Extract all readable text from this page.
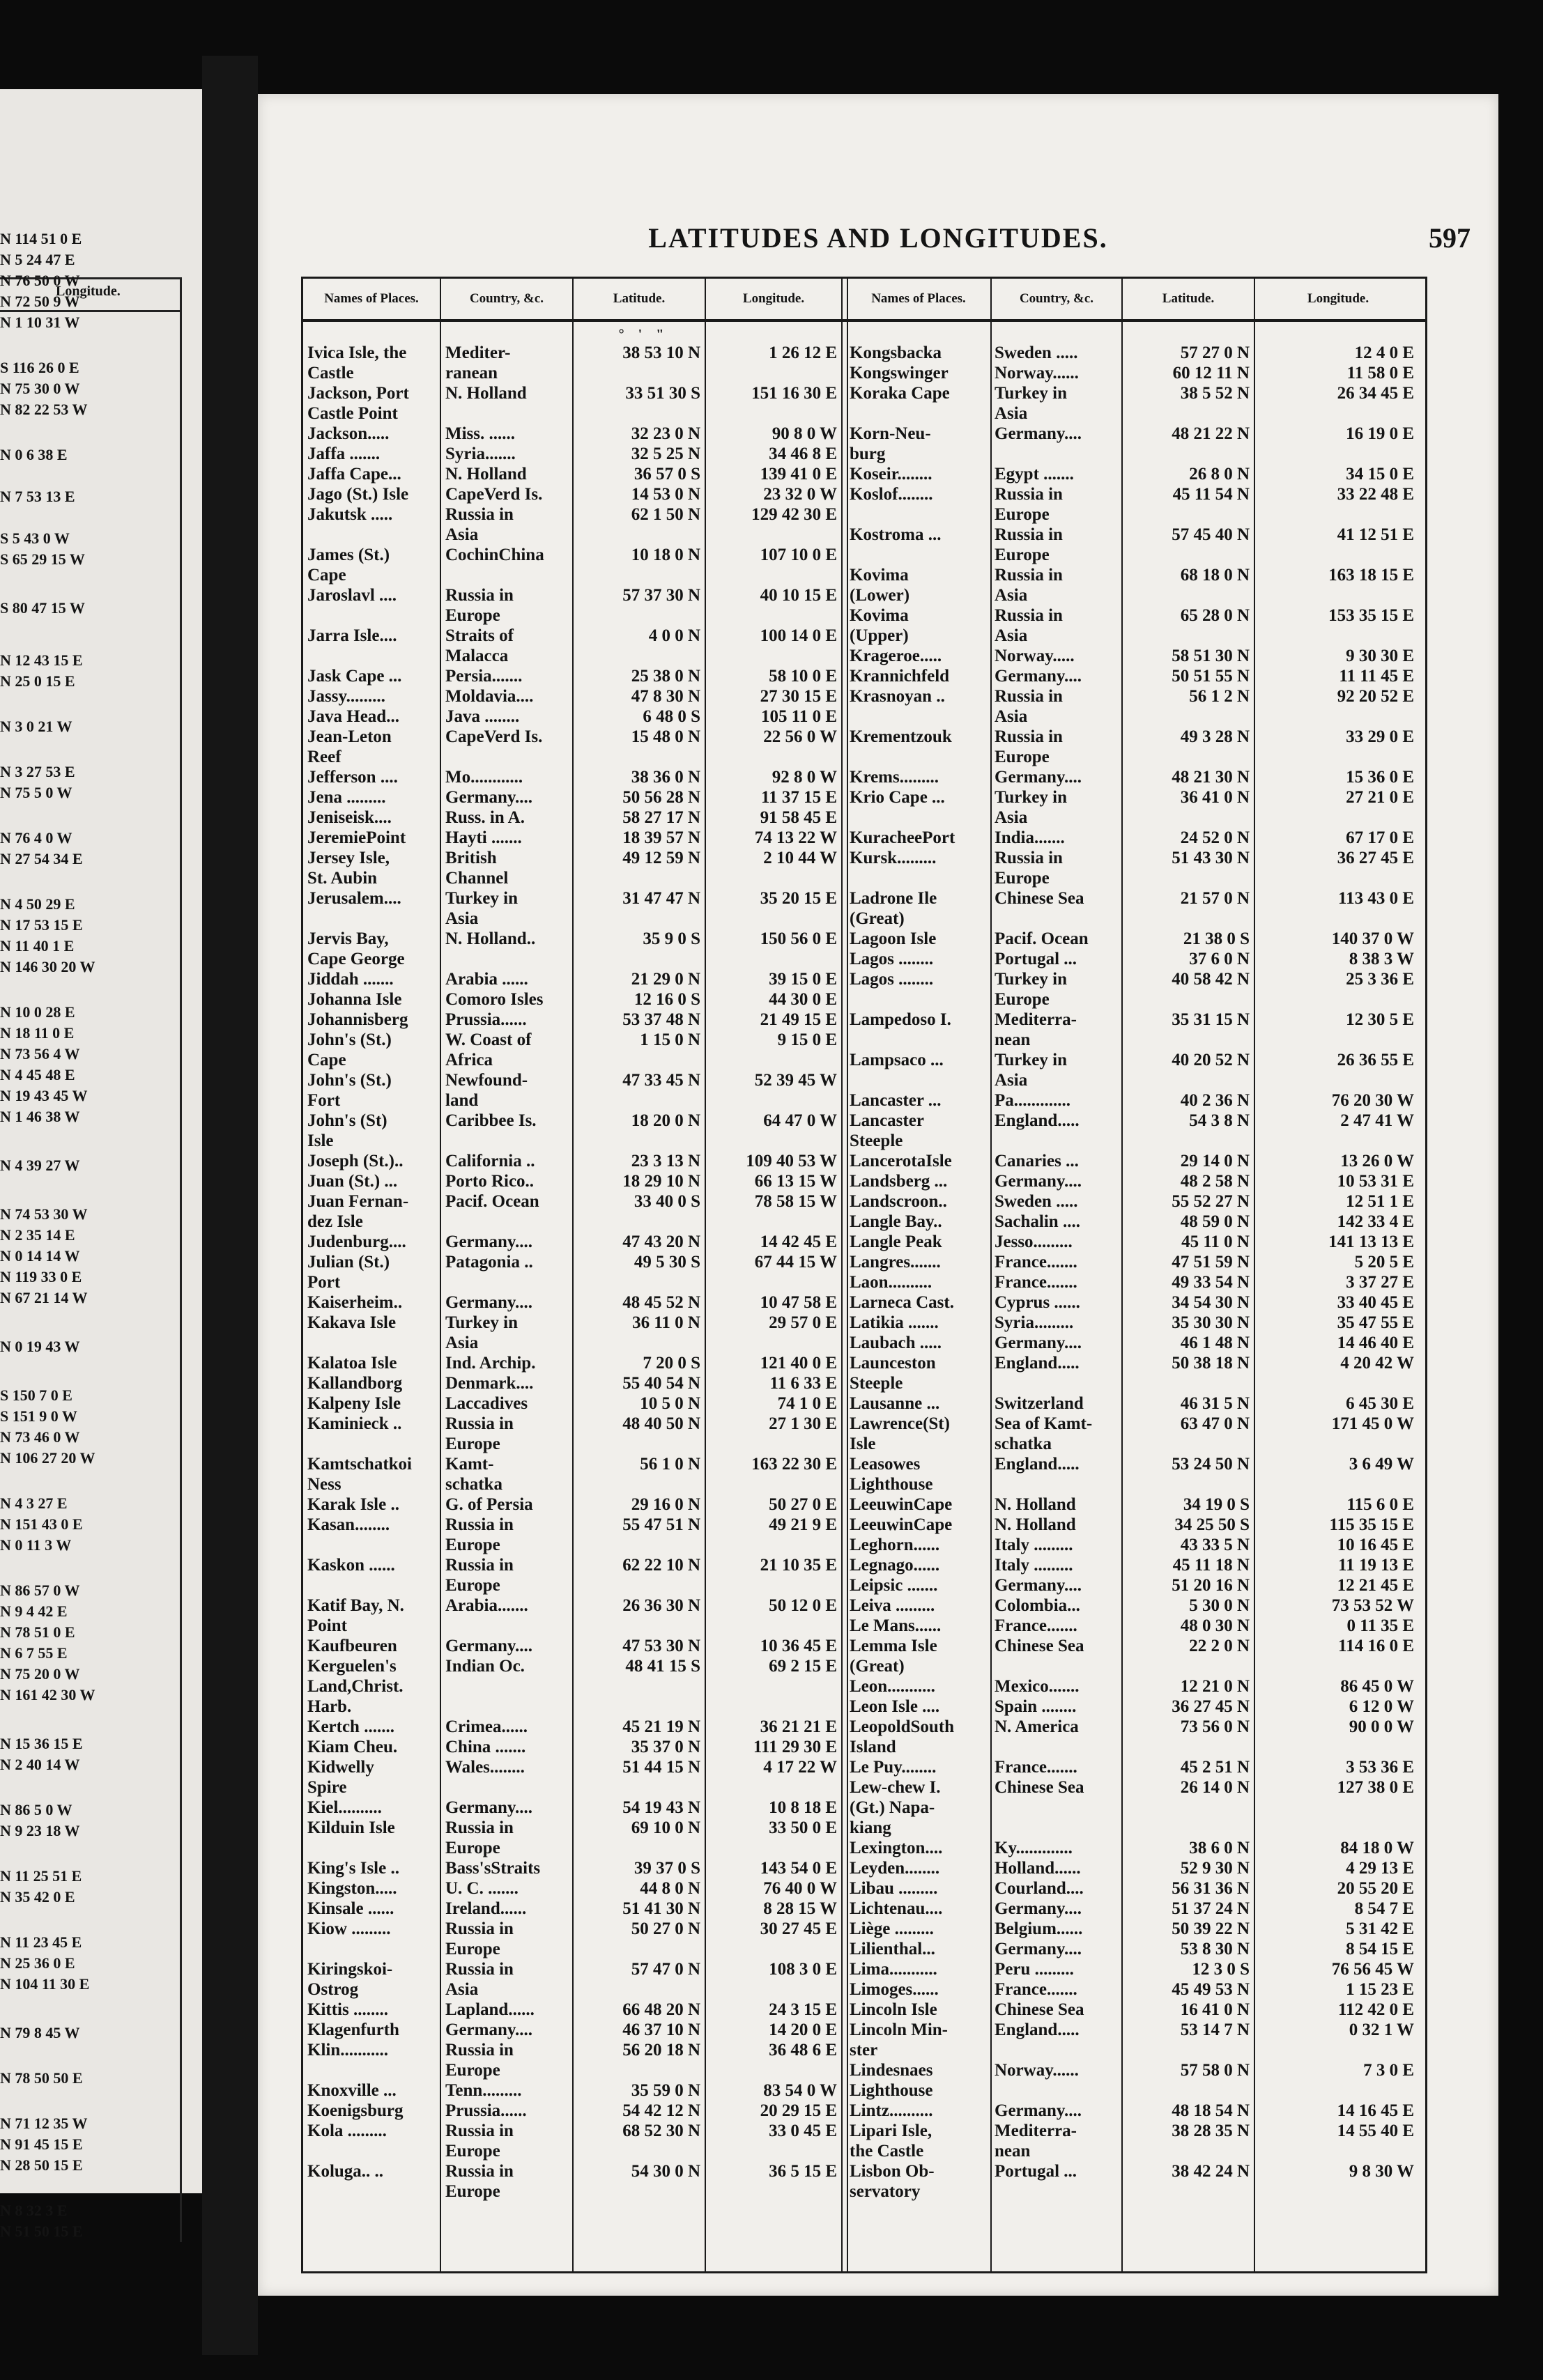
Longitude.
N 114 51 0 E
N 5 24 47 E
N 76 50 0 W
N 72 50 9 W
N 1 10 31 W
S 116 26 0 E
N 75 30 0 W
N 82 22 53 W
N 0 6 38 E
N 7 53 13 E
S 5 43 0 W
S 65 29 15 W
S 80 47 15 W
N 12 43 15 E
N 25 0 15 E
N 3 0 21 W
N 3 27 53 E
N 75 5 0 W
N 76 4 0 W
N 27 54 34 E
N 4 50 29 E
N 17 53 15 E
N 11 40 1 E
N 146 30 20 W
N 10 0 28 E
N 18 11 0 E
N 73 56 4 W
N 4 45 48 E
N 19 43 45 W
N 1 46 38 W
N 4 39 27 W
N 74 53 30 W
N 2 35 14 E
N 0 14 14 W
N 119 33 0 E
N 67 21 14 W
N 0 19 43 W
S 150 7 0 E
S 151 9 0 W
N 73 46 0 W
N 106 27 20 W
N 4 3 27 E
N 151 43 0 E
N 0 11 3 W
N 86 57 0 W
N 9 4 42 E
N 78 51 0 E
N 6 7 55 E
N 75 20 0 W
N 161 42 30 W
N 15 36 15 E
N 2 40 14 W
N 86 5 0 W
N 9 23 18 W
N 11 25 51 E
N 35 42 0 E
N 11 23 45 E
N 25 36 0 E
N 104 11 30 E
N 79 8 45 W
N 78 50 50 E
N 71 12 35 W
N 91 45 15 E
N 28 50 15 E
N 8 32 3 E
N 51 50 15 E
LATITUDES AND LONGITUDES.	597
Names of Places.	Country, &c.	Latitude.	Longitude.	Names of Places.	Country, &c.	Latitude.	Longitude.
° ' "
Ivica Isle, the	Mediter-	38 53 10 N	1 26 12 E
Castle	ranean
Jackson, Port	N. Holland	33 51 30 S	151 16 30 E
Castle Point
Jackson.....	Miss. ......	32 23 0 N	90 8 0 W
Jaffa .......	Syria.......	32 5 25 N	34 46 8 E
Jaffa Cape...	N. Holland	36 57 0 S	139 41 0 E
Jago (St.) Isle	CapeVerd Is.	14 53 0 N	23 32 0 W
Jakutsk .....	Russia in	62 1 50 N	129 42 30 E
Asia
James (St.)	CochinChina	10 18 0 N	107 10 0 E
Cape
Jaroslavl ....	Russia in	57 37 30 N	40 10 15 E
Europe
Jarra Isle....	Straits of	4 0 0 N	100 14 0 E
Malacca
Jask Cape ...	Persia.......	25 38 0 N	58 10 0 E
Jassy.........	Moldavia....	47 8 30 N	27 30 15 E
Java Head...	Java ........	6 48 0 S	105 11 0 E
Jean-Leton	CapeVerd Is.	15 48 0 N	22 56 0 W
Reef
Jefferson ....	Mo............	38 36 0 N	92 8 0 W
Jena .........	Germany....	50 56 28 N	11 37 15 E
Jeniseisk....	Russ. in A.	58 27 17 N	91 58 45 E
JeremiePoint	Hayti .......	18 39 57 N	74 13 22 W
Jersey Isle,	British	49 12 59 N	2 10 44 W
St. Aubin	Channel
Jerusalem....	Turkey in	31 47 47 N	35 20 15 E
Asia
Jervis Bay,	N. Holland..	35 9 0 S	150 56 0 E
Cape George
Jiddah .......	Arabia ......	21 29 0 N	39 15 0 E
Johanna Isle	Comoro Isles	12 16 0 S	44 30 0 E
Johannisberg	Prussia......	53 37 48 N	21 49 15 E
John's (St.)	W. Coast of	1 15 0 N	9 15 0 E
Cape	Africa
John's (St.)	Newfound-	47 33 45 N	52 39 45 W
Fort	land
John's (St)	Caribbee Is.	18 20 0 N	64 47 0 W
Isle
Joseph (St.)..	California ..	23 3 13 N	109 40 53 W
Juan (St.) ...	Porto Rico..	18 29 10 N	66 13 15 W
Juan Fernan-	Pacif. Ocean	33 40 0 S	78 58 15 W
dez Isle
Judenburg....	Germany....	47 43 20 N	14 42 45 E
Julian (St.)	Patagonia ..	49 5 30 S	67 44 15 W
Port
Kaiserheim..	Germany....	48 45 52 N	10 47 58 E
Kakava Isle	Turkey in	36 11 0 N	29 57 0 E
Asia
Kalatoa Isle	Ind. Archip.	7 20 0 S	121 40 0 E
Kallandborg	Denmark....	55 40 54 N	11 6 33 E
Kalpeny Isle	Laccadives	10 5 0 N	74 1 0 E
Kaminieck ..	Russia in	48 40 50 N	27 1 30 E
Europe
Kamtschatkoi	Kamt-	56 1 0 N	163 22 30 E
Ness	schatka
Karak Isle ..	G. of Persia	29 16 0 N	50 27 0 E
Kasan........	Russia in	55 47 51 N	49 21 9 E
Europe
Kaskon ......	Russia in	62 22 10 N	21 10 35 E
Europe
Katif Bay, N.	Arabia.......	26 36 30 N	50 12 0 E
Point
Kaufbeuren	Germany....	47 53 30 N	10 36 45 E
Kerguelen's	Indian Oc.	48 41 15 S	69 2 15 E
Land,Christ.
Harb.
Kertch .......	Crimea......	45 21 19 N	36 21 21 E
Kiam Cheu.	China .......	35 37 0 N	111 29 30 E
Kidwelly	Wales........	51 44 15 N	4 17 22 W
Spire
Kiel..........	Germany....	54 19 43 N	10 8 18 E
Kilduin Isle	Russia in	69 10 0 N	33 50 0 E
Europe
King's Isle ..	Bass'sStraits	39 37 0 S	143 54 0 E
Kingston.....	U. C. .......	44 8 0 N	76 40 0 W
Kinsale ......	Ireland......	51 41 30 N	8 28 15 W
Kiow .........	Russia in	50 27 0 N	30 27 45 E
Europe
Kiringskoi-	Russia in	57 47 0 N	108 3 0 E
Ostrog	Asia
Kittis ........	Lapland......	66 48 20 N	24 3 15 E
Klagenfurth	Germany....	46 37 10 N	14 20 0 E
Klin...........	Russia in	56 20 18 N	36 48 6 E
Europe
Knoxville ...	Tenn.........	35 59 0 N	83 54 0 W
Koenigsburg	Prussia......	54 42 12 N	20 29 15 E
Kola .........	Russia in	68 52 30 N	33 0 45 E
Europe
Koluga.. ..	Russia in	54 30 0 N	36 5 15 E
Europe
Kongsbacka	Sweden .....	57 27 0 N	12 4 0 E
Kongswinger	Norway......	60 12 11 N	11 58 0 E
Koraka Cape	Turkey in	38 5 52 N	26 34 45 E
Asia
Korn-Neu-	Germany....	48 21 22 N	16 19 0 E
burg
Koseir........	Egypt .......	26 8 0 N	34 15 0 E
Koslof........	Russia in	45 11 54 N	33 22 48 E
Europe
Kostroma ...	Russia in	57 45 40 N	41 12 51 E
Europe
Kovima	Russia in	68 18 0 N	163 18 15 E
(Lower)	Asia
Kovima	Russia in	65 28 0 N	153 35 15 E
(Upper)	Asia
Krageroe.....	Norway.....	58 51 30 N	9 30 30 E
Krannichfeld	Germany....	50 51 55 N	11 11 45 E
Krasnoyan ..	Russia in	56 1 2 N	92 20 52 E
Asia
Krementzouk	Russia in	49 3 28 N	33 29 0 E
Europe
Krems.........	Germany....	48 21 30 N	15 36 0 E
Krio Cape ...	Turkey in	36 41 0 N	27 21 0 E
Asia
KuracheePort	India.......	24 52 0 N	67 17 0 E
Kursk.........	Russia in	51 43 30 N	36 27 45 E
Europe
Ladrone Ile	Chinese Sea	21 57 0 N	113 43 0 E
(Great)
Lagoon Isle	Pacif. Ocean	21 38 0 S	140 37 0 W
Lagos ........	Portugal ...	37 6 0 N	8 38 3 W
Lagos ........	Turkey in	40 58 42 N	25 3 36 E
Europe
Lampedoso I.	Mediterra-	35 31 15 N	12 30 5 E
nean
Lampsaco ...	Turkey in	40 20 52 N	26 36 55 E
Asia
Lancaster ...	Pa.............	40 2 36 N	76 20 30 W
Lancaster	England.....	54 3 8 N	2 47 41 W
Steeple
LancerotaIsle	Canaries ...	29 14 0 N	13 26 0 W
Landsberg ...	Germany....	48 2 58 N	10 53 31 E
Landscroon..	Sweden .....	55 52 27 N	12 51 1 E
Langle Bay..	Sachalin ....	48 59 0 N	142 33 4 E
Langle Peak	Jesso.........	45 11 0 N	141 13 13 E
Langres.......	France.......	47 51 59 N	5 20 5 E
Laon..........	France.......	49 33 54 N	3 37 27 E
Larneca Cast.	Cyprus ......	34 54 30 N	33 40 45 E
Latikia .......	Syria.........	35 30 30 N	35 47 55 E
Laubach .....	Germany....	46 1 48 N	14 46 40 E
Launceston	England.....	50 38 18 N	4 20 42 W
Steeple
Lausanne ...	Switzerland	46 31 5 N	6 45 30 E
Lawrence(St)	Sea of Kamt-	63 47 0 N	171 45 0 W
Isle	schatka
Leasowes	England.....	53 24 50 N	3 6 49 W
Lighthouse
LeeuwinCape	N. Holland	34 19 0 S	115 6 0 E
LeeuwinCape	N. Holland	34 25 50 S	115 35 15 E
Leghorn......	Italy .........	43 33 5 N	10 16 45 E
Legnago......	Italy .........	45 11 18 N	11 19 13 E
Leipsic .......	Germany....	51 20 16 N	12 21 45 E
Leiva .........	Colombia...	5 30 0 N	73 53 52 W
Le Mans......	France.......	48 0 30 N	0 11 35 E
Lemma Isle	Chinese Sea	22 2 0 N	114 16 0 E
(Great)
Leon...........	Mexico.......	12 21 0 N	86 45 0 W
Leon Isle ....	Spain ........	36 27 45 N	6 12 0 W
LeopoldSouth	N. America	73 56 0 N	90 0 0 W
Island
Le Puy........	France.......	45 2 51 N	3 53 36 E
Lew-chew I.	Chinese Sea	26 14 0 N	127 38 0 E
(Gt.) Napa-
kiang
Lexington....	Ky.............	38 6 0 N	84 18 0 W
Leyden........	Holland......	52 9 30 N	4 29 13 E
Libau .........	Courland....	56 31 36 N	20 55 20 E
Lichtenau....	Germany....	51 37 24 N	8 54 7 E
Liège .........	Belgium......	50 39 22 N	5 31 42 E
Lilienthal...	Germany....	53 8 30 N	8 54 15 E
Lima...........	Peru .........	12 3 0 S	76 56 45 W
Limoges......	France.......	45 49 53 N	1 15 23 E
Lincoln Isle	Chinese Sea	16 41 0 N	112 42 0 E
Lincoln Min-	England.....	53 14 7 N	0 32 1 W
ster
Lindesnaes	Norway......	57 58 0 N	7 3 0 E
Lighthouse
Lintz..........	Germany....	48 18 54 N	14 16 45 E
Lipari Isle,	Mediterra-	38 28 35 N	14 55 40 E
the Castle	nean
Lisbon Ob-	Portugal ...	38 42 24 N	9 8 30 W
servatory
